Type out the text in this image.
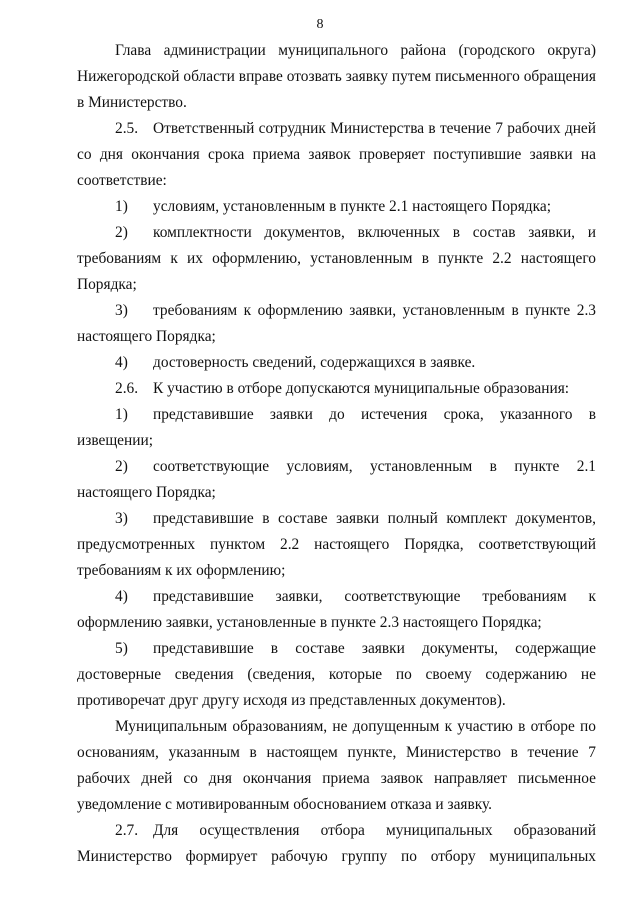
8

Глава администрации муниципального района (городского округа) Нижегородской области вправе отозвать заявку путем письменного обращения в Министерство.

2.5. Ответственный сотрудник Министерства в течение 7 рабочих дней со дня окончания срока приема заявок проверяет поступившие заявки на соответствие:

1) условиям, установленным в пункте 2.1 настоящего Порядка;

2) комплектности документов, включенных в состав заявки, и требованиям к их оформлению, установленным в пункте 2.2 настоящего Порядка;

3) требованиям к оформлению заявки, установленным в пункте 2.3 настоящего Порядка;

4) достоверность сведений, содержащихся в заявке.

2.6. К участию в отборе допускаются муниципальные образования:

1) представившие заявки до истечения срока, указанного в извещении;

2) соответствующие условиям, установленным в пункте 2.1 настоящего Порядка;

3) представившие в составе заявки полный комплект документов, предусмотренных пунктом 2.2 настоящего Порядка, соответствующий требованиям к их оформлению;

4) представившие заявки, соответствующие требованиям к оформлению заявки, установленные в пункте 2.3 настоящего Порядка;

5) представившие в составе заявки документы, содержащие достоверные сведения (сведения, которые по своему содержанию не противоречат друг другу исходя из представленных документов).

Муниципальным образованиям, не допущенным к участию в отборе по основаниям, указанным в настоящем пункте, Министерство в течение 7 рабочих дней со дня окончания приема заявок направляет письменное уведомление с мотивированным обоснованием отказа и заявку.

2.7. Для осуществления отбора муниципальных образований Министерство формирует рабочую группу по отбору муниципальных
